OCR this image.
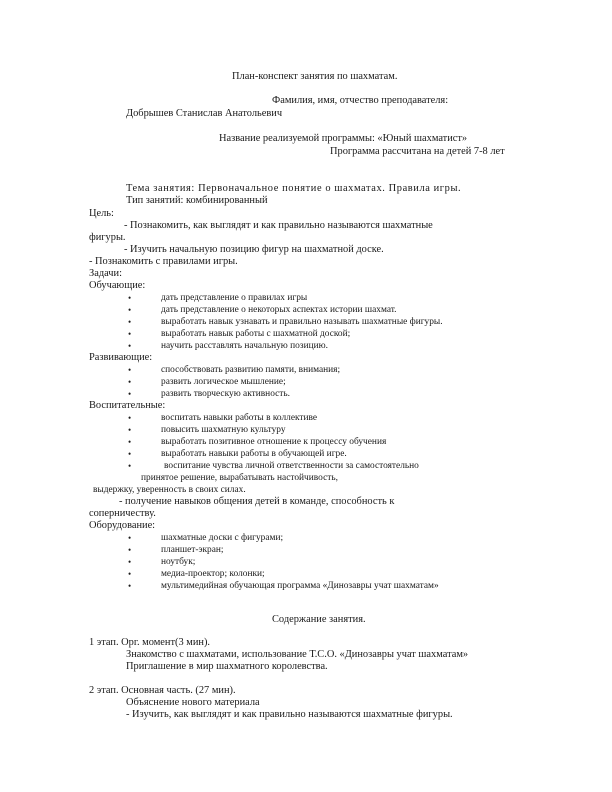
План-конспект занятия по шахматам.
Фамилия, имя, отчество преподавателя:
Добрышев Станислав Анатольевич
Название реализуемой программы: «Юный шахматист»
Программа рассчитана на детей 7-8 лет
Тема занятия: Первоначальное понятие о шахматах. Правила игры.
Тип занятий: комбинированный
Цель:
- Познакомить, как выглядят и как правильно называются шахматные
фигуры.
- Изучить начальную позицию фигур на шахматной доске.
- Познакомить с правилами игры.
Задачи:
Обучающие:
•	дать представление о правилах игры
•	дать представление о некоторых аспектах истории шахмат.
•	выработать навык узнавать и правильно называть шахматные фигуры.
•	выработать навык работы с шахматной доской;
•	научить расставлять начальную позицию.
Развивающие:
•	способствовать развитию памяти, внимания;
•	развить логическое мышление;
•	развить творческую активность.
Воспитательные:
•	воспитать навыки работы в коллективе
•	повысить шахматную культуру
•	выработать позитивное отношение к процессу обучения
•	выработать навыки работы в обучающей игре.
•	воспитание чувства личной ответственности за самостоятельно
принятое решение, вырабатывать настойчивость,
выдержку, уверенность в своих силах.
- получение навыков общения детей в команде, способность к
соперничеству.
Оборудование:
•	шахматные доски с фигурами;
•	планшет-экран;
•	ноутбук;
•	медиа-проектор; колонки;
•	мультимедийная обучающая программа «Динозавры учат шахматам»
Содержание занятия.
1 этап. Орг. момент(3 мин).
Знакомство с шахматами, использование Т.С.О. «Динозавры учат шахматам»
Приглашение в мир шахматного королевства.
2 этап. Основная часть. (27 мин).
Объяснение нового материала
- Изучить, как выглядят и как правильно называются шахматные фигуры.
